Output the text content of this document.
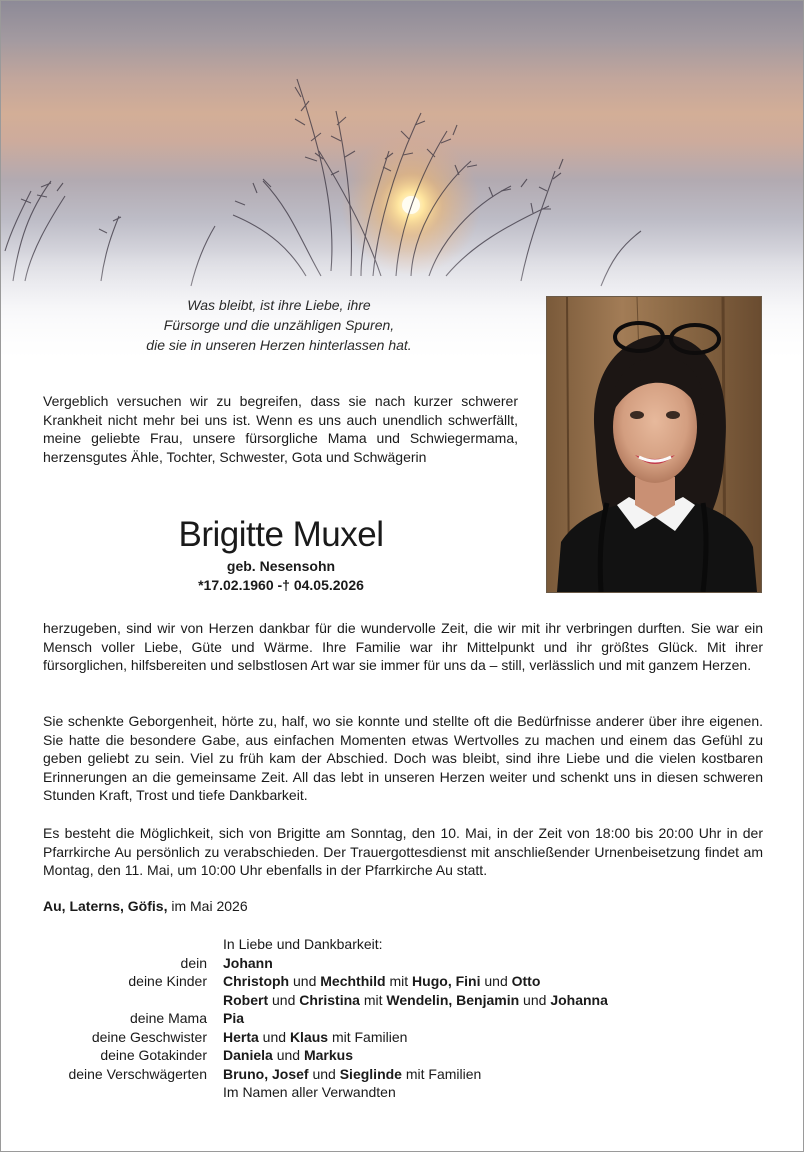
Was bleibt, ist ihre Liebe, ihre
Fürsorge und die unzähligen Spuren,
die sie in unseren Herzen hinterlassen hat.
Vergeblich versuchen wir zu begreifen, dass sie nach kurzer schwerer Krankheit nicht mehr bei uns ist. Wenn es uns auch unendlich schwerfällt, meine geliebte Frau, unsere fürsorgliche Mama und Schwiegermama, herzensgutes Ähle, Tochter, Schwester, Gota und Schwägerin
Brigitte Muxel
geb. Nesensohn
*17.02.1960 -† 04.05.2026
herzugeben, sind wir von Herzen dankbar für die wundervolle Zeit, die wir mit ihr verbringen durften. Sie war ein Mensch voller Liebe, Güte und Wärme. Ihre Familie war ihr Mittelpunkt und ihr größtes Glück. Mit ihrer fürsorglichen, hilfsbereiten und selbstlosen Art war sie immer für uns da – still, verlässlich und mit ganzem Herzen.
Sie schenkte Geborgenheit, hörte zu, half, wo sie konnte und stellte oft die Bedürfnisse anderer über ihre eigenen. Sie hatte die besondere Gabe, aus einfachen Momenten etwas Wertvolles zu machen und einem das Gefühl zu geben geliebt zu sein. Viel zu früh kam der Abschied. Doch was bleibt, sind ihre Liebe und die vielen kostbaren Erinnerungen an die gemeinsame Zeit. All das lebt in unseren Herzen weiter und schenkt uns in diesen schweren Stunden Kraft, Trost und tiefe Dankbarkeit.
Es besteht die Möglichkeit, sich von Brigitte am Sonntag, den 10. Mai, in der Zeit von 18:00 bis 20:00 Uhr in der Pfarrkirche Au persönlich zu verabschieden. Der Trauergottesdienst mit anschließender Urnenbeisetzung findet am Montag, den 11. Mai, um 10:00 Uhr ebenfalls in der Pfarrkirche Au statt.
Au, Laterns, Göfis, im Mai 2026
In Liebe und Dankbarkeit:
dein	Johann
deine Kinder	Christoph und Mechthild mit Hugo, Fini und Otto
Robert und Christina mit Wendelin, Benjamin und Johanna
deine Mama	Pia
deine Geschwister	Herta und Klaus mit Familien
deine Gotakinder	Daniela und Markus
deine Verschwägerten	Bruno, Josef und Sieglinde mit Familien
Im Namen aller Verwandten
